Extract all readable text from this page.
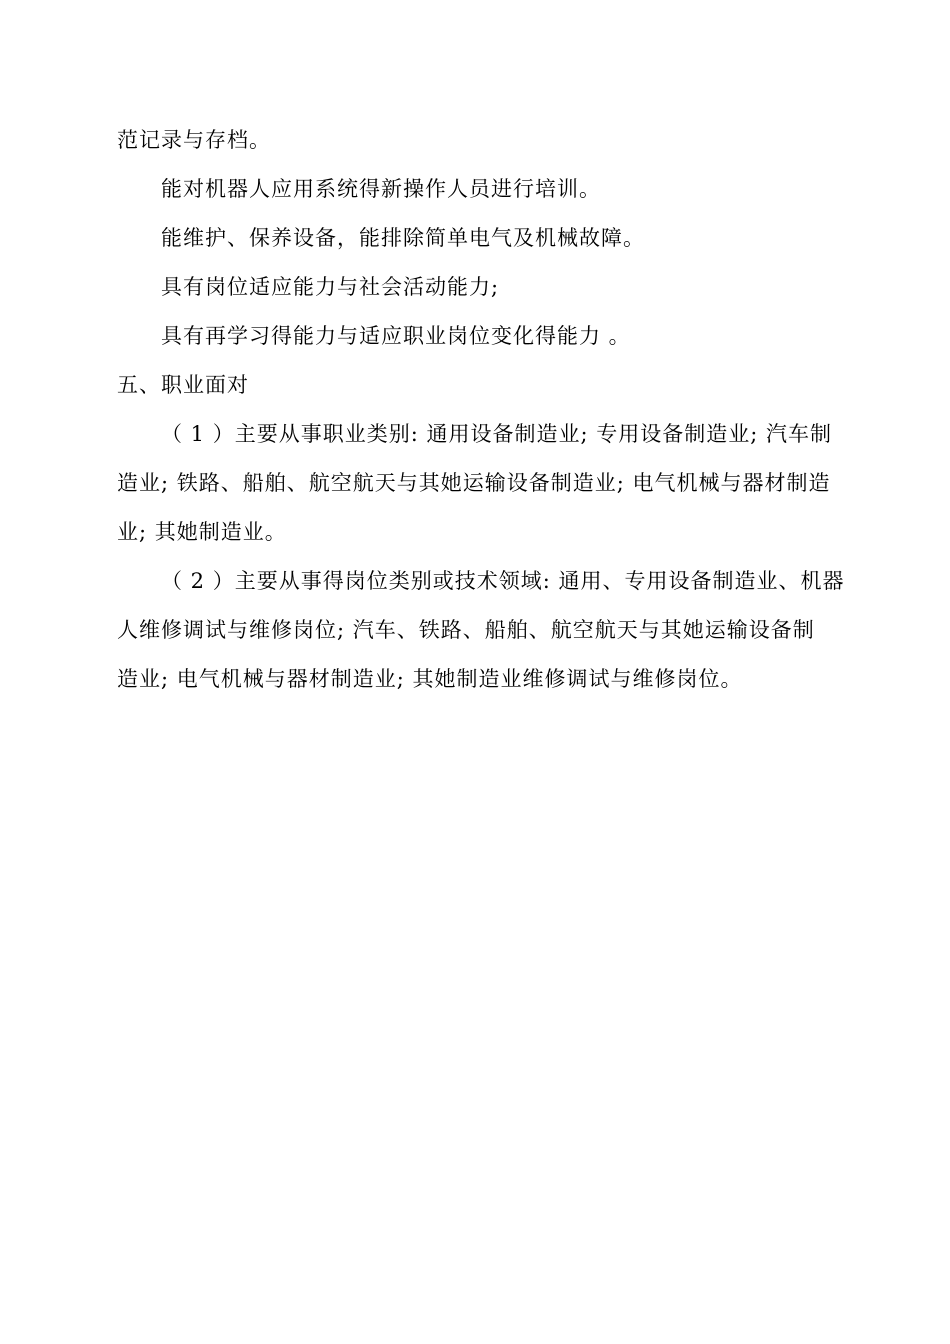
范记录与存档。
能对机器人应用系统得新操作人员进行培训。
能维护、保养设备，能排除简单电气及机械故障。
具有岗位适应能力与社会活动能力;
具有再学习得能力与适应职业岗位变化得能力 。
五、职业面对
（ 1 ）主要从事职业类别: 通用设备制造业; 专用设备制造业; 汽车制
造业; 铁路、船舶、航空航天与其她运输设备制造业; 电气机械与器材制造
业; 其她制造业。
（ 2 ）主要从事得岗位类别或技术领域: 通用、专用设备制造业、机器
人维修调试与维修岗位; 汽车、铁路、船舶、航空航天与其她运输设备制
造业; 电气机械与器材制造业; 其她制造业维修调试与维修岗位。
